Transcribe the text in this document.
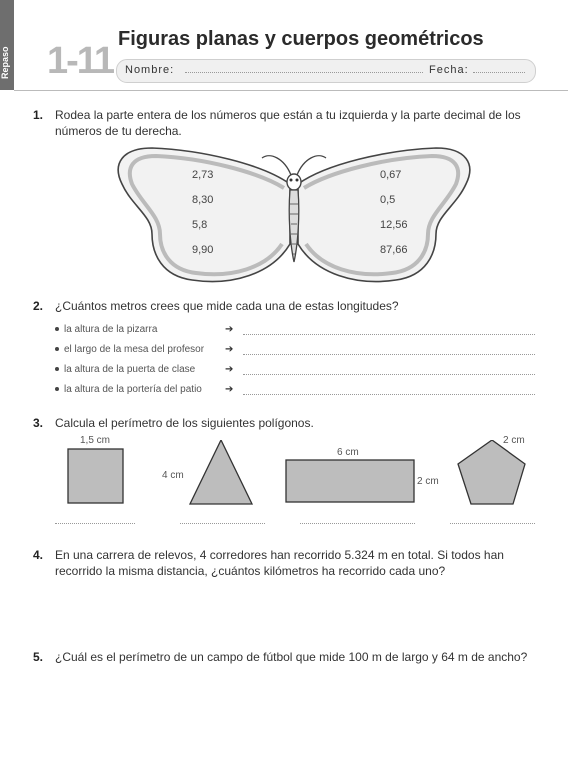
Repaso 1-11
Figuras planas y cuerpos geométricos
Nombre:	Fecha:
1. Rodea la parte entera de los números que están a tu izquierda y la parte decimal de los números de tu derecha.
2,73
8,30
5,8
9,90
0,67
0,5
12,56
87,66
2. ¿Cuántos metros crees que mide cada una de estas longitudes?
la altura de la pizarra	➔
el largo de la mesa del profesor ➔
la altura de la puerta de clase	➔
la altura de la portería del patio ➔
3. Calcula el perímetro de los siguientes polígonos.
1,5 cm
4 cm
6 cm
2 cm
2 cm
4. En una carrera de relevos, 4 corredores han recorrido 5.324 m en total. Si todos han recorrido la misma distancia, ¿cuántos kilómetros ha recorrido cada uno?
5. ¿Cuál es el perímetro de un campo de fútbol que mide 100 m de largo y 64 m de ancho?
